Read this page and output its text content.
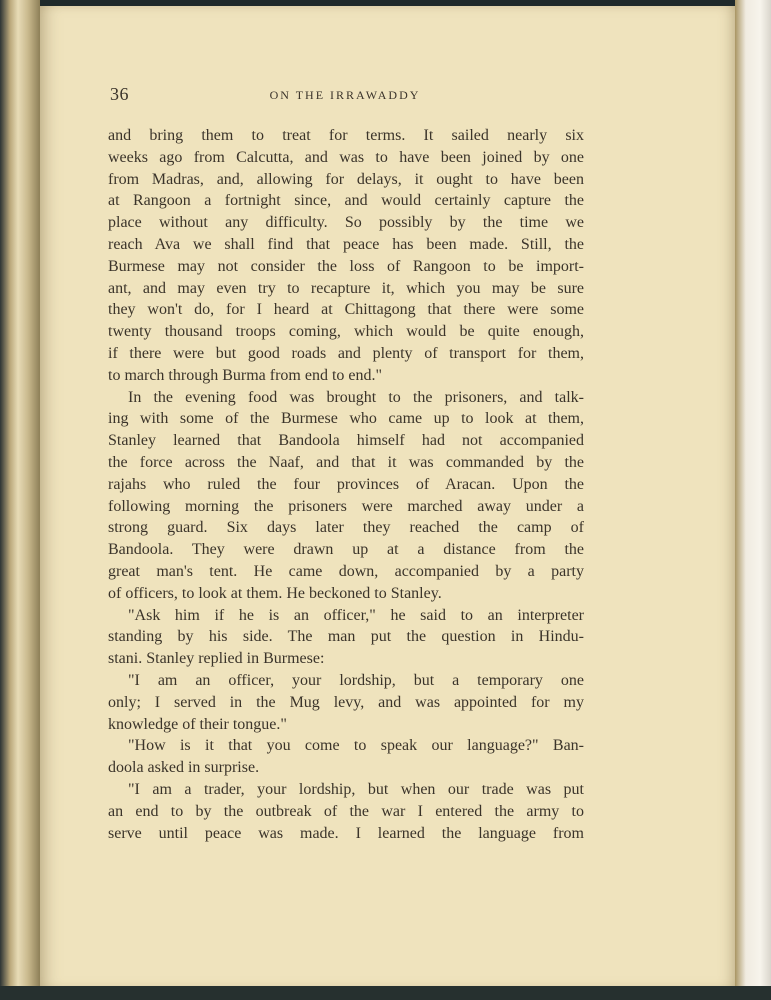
36	ON THE IRRAWADDY
and bring them to treat for terms. It sailed nearly six
weeks ago from Calcutta, and was to have been joined by one
from Madras, and, allowing for delays, it ought to have been
at Rangoon a fortnight since, and would certainly capture the
place without any difficulty. So possibly by the time we
reach Ava we shall find that peace has been made. Still, the
Burmese may not consider the loss of Rangoon to be import-
ant, and may even try to recapture it, which you may be sure
they won't do, for I heard at Chittagong that there were some
twenty thousand troops coming, which would be quite enough,
if there were but good roads and plenty of transport for them,
to march through Burma from end to end."
In the evening food was brought to the prisoners, and talk-
ing with some of the Burmese who came up to look at them,
Stanley learned that Bandoola himself had not accompanied
the force across the Naaf, and that it was commanded by the
rajahs who ruled the four provinces of Aracan. Upon the
following morning the prisoners were marched away under a
strong guard. Six days later they reached the camp of
Bandoola. They were drawn up at a distance from the
great man's tent. He came down, accompanied by a party
of officers, to look at them. He beckoned to Stanley.
"Ask him if he is an officer," he said to an interpreter
standing by his side. The man put the question in Hindu-
stani. Stanley replied in Burmese:
"I am an officer, your lordship, but a temporary one
only; I served in the Mug levy, and was appointed for my
knowledge of their tongue."
"How is it that you come to speak our language?" Ban-
doola asked in surprise.
"I am a trader, your lordship, but when our trade was put
an end to by the outbreak of the war I entered the army to
serve until peace was made. I learned the language from
